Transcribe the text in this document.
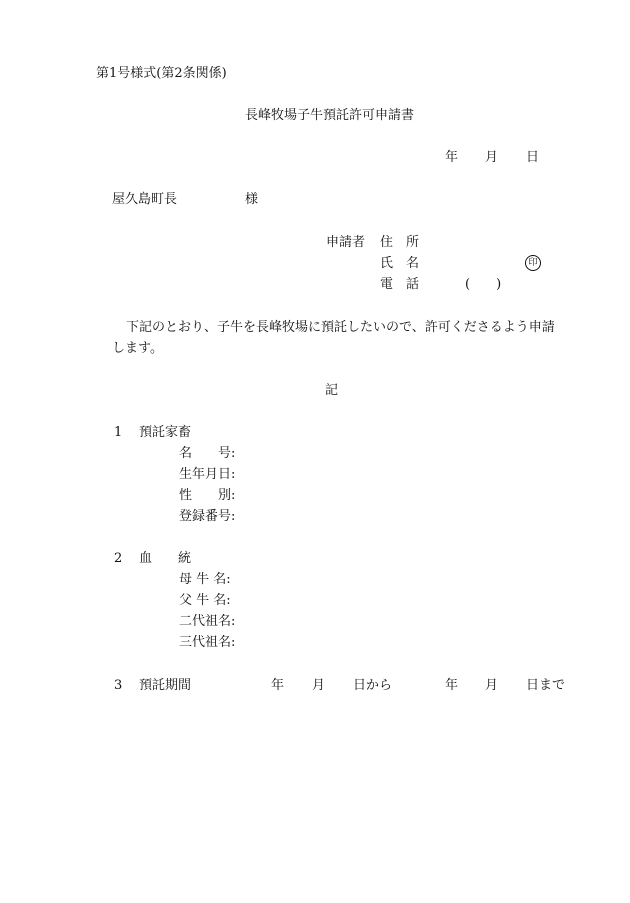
第1号様式(第2条関係)
長峰牧場子牛預託許可申請書
年 月 日
屋久島町長	様
申請者 住　所
氏　名	印
電　話	(　　)
下記のとおり、子牛を長峰牧場に預託したいので、許可くださるよう申請
します。
記
1 預託家畜
名　　号:
生年月日:
性　　別:
登録番号:
2 血　　統
母 牛 名:
父 牛 名:
二代祖名:
三代祖名:
3 預託期間	年 月 日から	年 月 日まで
